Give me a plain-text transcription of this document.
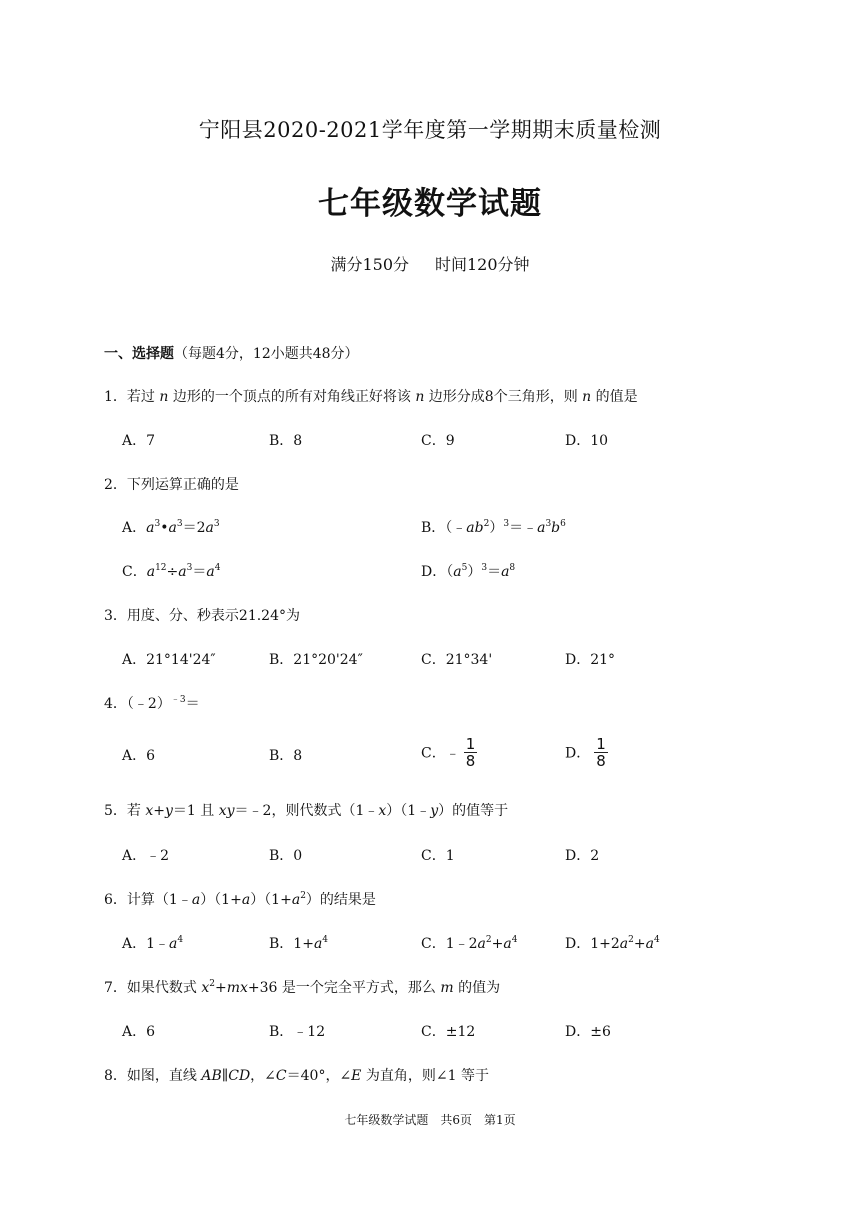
宁阳县2020-2021学年度第一学期期末质量检测
七年级数学试题
满分150分 时间120分钟
一、选择题（每题4分，12小题共48分）
1．若过 n 边形的一个顶点的所有对角线正好将该 n 边形分成8个三角形，则 n 的值是
A．7	B．8	C．9	D．10
2．下列运算正确的是
A．$a^3•a^3=2a^3$	B．$(﹣ab^2)^3=﹣a^3b^6$
C．$a^{12}\div a^3=a^4$	D．$(a^5)^3=a^8$
3．用度、分、秒表示21.24°为
A．21°14'24″	B．21°20'24″	C．21°34'	D．21°
4．（﹣2）$^{﹣3}$＝
A．6	B．8	C．﹣ $\frac{1}{8}$	D． $\frac{1}{8}$
5．若 x+y＝1 且 xy＝﹣2，则代数式（1﹣x）（1﹣y）的值等于
A．﹣2	B．0	C．1	D．2
6．计算$(1﹣a)(1+a)(1+a^2)$的结果是
A．$1﹣a^4$	B．$1+a^4$	C．$1﹣2a^2+a^4$	D．$1+2a^2+a^4$
7．如果代数式 $x^2+mx+36$ 是一个完全平方式，那么 m 的值为
A．6	B．﹣12	C．±12	D．±6
8．如图，直线 AB∥CD，∠C＝40°，∠E 为直角，则∠1 等于
七年级数学试题 共6页 第1页
